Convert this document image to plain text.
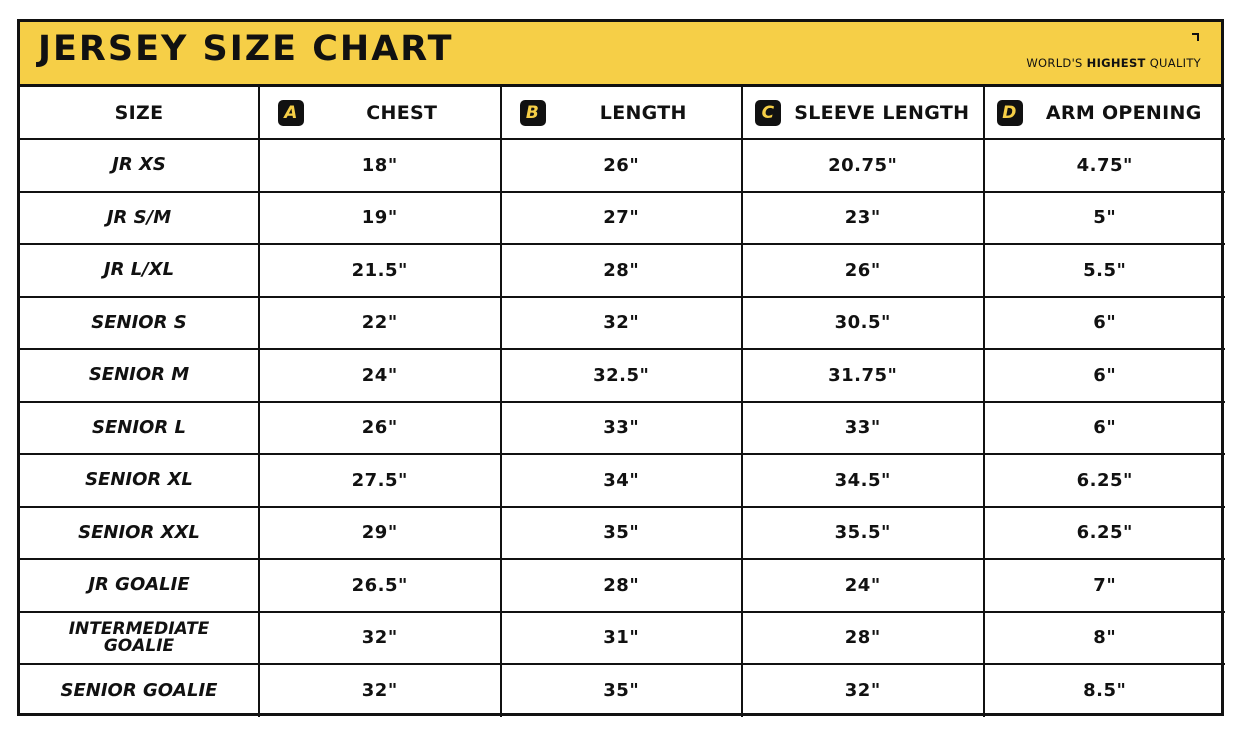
JERSEY SIZE CHART	WORLD'S HIGHEST QUALITY
SIZE	A CHEST	B LENGTH	C SLEEVE LENGTH	D ARM OPENING

JR XS	18"	26"	20.75"	4.75"
JR S/M	19"	27"	23"	5"
JR L/XL	21.5"	28"	26"	5.5"
SENIOR S	22"	32"	30.5"	6"
SENIOR M	24"	32.5"	31.75"	6"
SENIOR L	26"	33"	33"	6"
SENIOR XL	27.5"	34"	34.5"	6.25"
SENIOR XXL	29"	35"	35.5"	6.25"
JR GOALIE	26.5"	28"	24"	7"

INTERMEDIATE
GOALIE	32"	31"	28"	8"
SENIOR GOALIE	32"	35"	32"	8.5"
